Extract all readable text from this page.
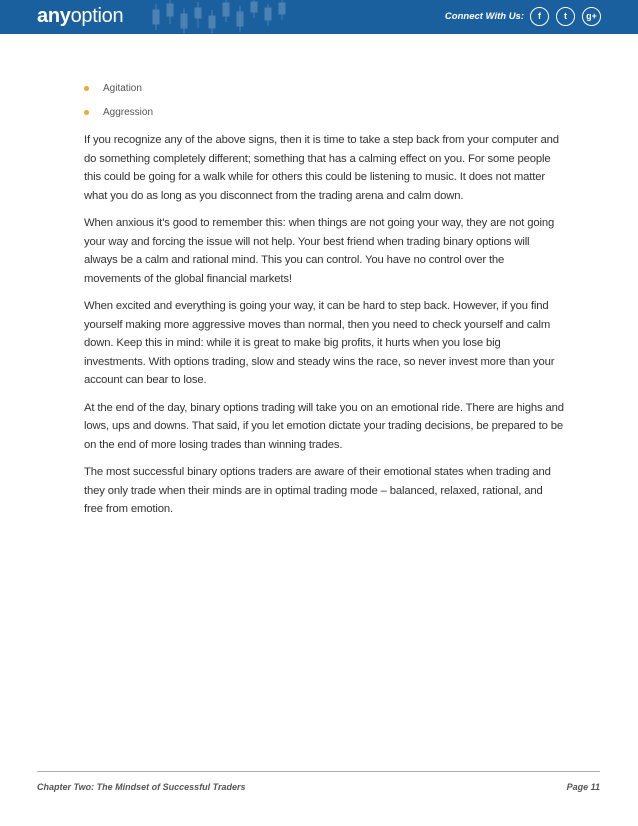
anyoption	Connect With Us:	f	t	g+
Agitation
Aggression

If you recognize any of the above signs, then it is time to take a step back from your computer and do something completely different; something that has a calming effect on you. For some people this could be going for a walk while for others this could be listening to music. It does not matter what you do as long as you disconnect from the trading arena and calm down.

When anxious it’s good to remember this: when things are not going your way, they are not going your way and forcing the issue will not help. Your best friend when trading binary options will always be a calm and rational mind. This you can control. You have no control over the movements of the global financial markets!

When excited and everything is going your way, it can be hard to step back. However, if you find yourself making more aggressive moves than normal, then you need to check yourself and calm down. Keep this in mind: while it is great to make big profits, it hurts when you lose big investments. With options trading, slow and steady wins the race, so never invest more than your account can bear to lose.

At the end of the day, binary options trading will take you on an emotional ride. There are highs and lows, ups and downs. That said, if you let emotion dictate your trading decisions, be prepared to be on the end of more losing trades than winning trades.

The most successful binary options traders are aware of their emotional states when trading and they only trade when their minds are in optimal trading mode – balanced, relaxed, rational, and free from emotion.

Chapter Two: The Mindset of Successful Traders	Page 11
